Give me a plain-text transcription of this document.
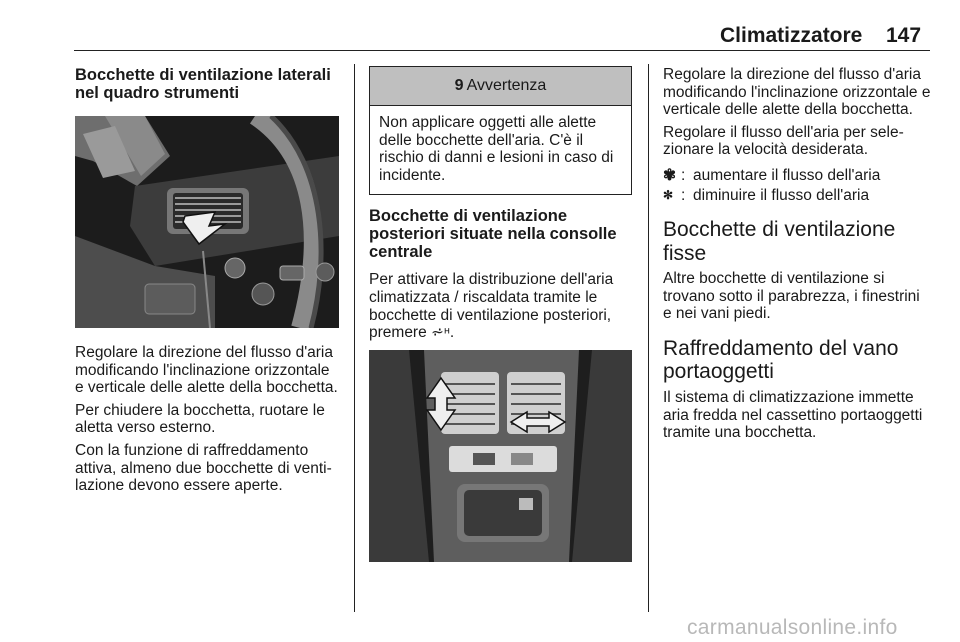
Climatizzatore 147
Bocchette di ventilazione laterali nel quadro strumenti

Regolare la direzione del flusso d'aria modificando l'inclinazione orizzontale e verticale delle alette della bocchetta.

Per chiudere la bocchetta, ruotare le aletta verso esterno.

Con la funzione di raffreddamento attiva, almeno due bocchette di venti-lazione devono essere aperte.

9 Avvertenza
Non applicare oggetti alle alette delle bocchette dell'aria. C'è il rischio di danni e lesioni in caso di incidente.
Bocchette di ventilazione posteriori situate nella consolle centrale

Per attivare la distribuzione dell'aria climatizzata / riscaldata tramite le bocchette di ventilazione posteriori, premere ⩫ᵸ.

Regolare la direzione del flusso d'aria modificando l'inclinazione orizzontale e verticale delle alette della bocchetta.

Regolare il flusso dell'aria per sele-zionare la velocità desiderata.

✾ : aumentare il flusso dell'aria
✻ : diminuire il flusso dell'aria
Bocchette di ventilazione fisse

Altre bocchette di ventilazione si trovano sotto il parabrezza, i finestrini e nei vani piedi.

Raffreddamento del vano portaoggetti

Il sistema di climatizzazione immette aria fredda nel cassettino portaoggetti tramite una bocchetta.

carmanualsonline.info
